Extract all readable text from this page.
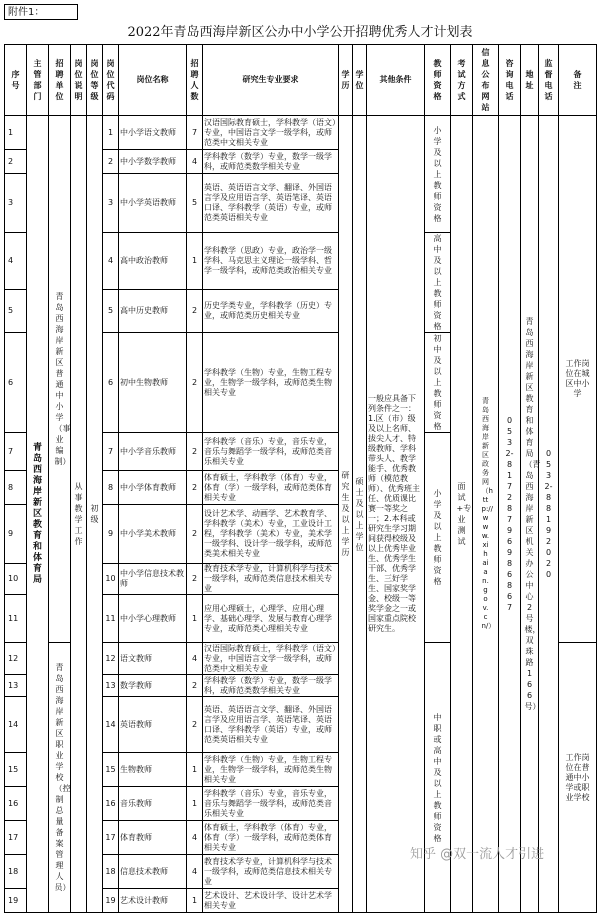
附件1：
2022年青岛西海岸新区公办中小学公开招聘优秀人才计划表
序号	主管部门	招聘单位	岗位说明	岗位等级	岗位代码	岗位名称	招聘人数	研究生专业要求	学历	学位	其他条件	教师资格	考试方式	信息公布网站	咨询电话	地址	监督电话	备注

1	青岛西海岸新区教育和体育局	青岛西海岸新区普通中小学（事业编制）	从事教学工作	初级	1	中小学语文教师	7	汉语国际教育硕士，学科教学（语文）专业，中国语言文学一级学科，或师范类中文相关专业	研究生及以上学历	硕士及以上学位	一般应具备下列条件之一：1.区（市）级及以上名师、拔尖人才、特级教师、学科带头人、教学能手、优秀教师（模范教师）、优秀班主任、优质课比赛一等奖之一；2.本科或研究生学习期间获得校级及以上优秀毕业生、优秀学生干部、优秀学生、三好学生、国家奖学金、校级一等奖学金之一或国家重点院校研究生。	小学及以上教师资格	面试+专业测试	青岛西海岸新区政务网（http://www.xihaian.gov.cn/）	0532-81728796986867	青岛西海岸新区教育和体育局（青岛西海岸新区机关办公中心2号楼，双珠路166号）	0532-88192020	工作岗位在城区中小学

2					2	中小学数学教师	4	学科教学（数学）专业，数学一级学科，或师范类数学相关专业										
3					3	中小学英语教师	5	英语、英语语言文学、翻译、外国语言学及应用语言学、英语笔译、英语口译、学科教学（英语）专业，或师范类英语相关专业										
4					4	高中政治教师	1	学科教学（思政）专业，政治学一级学科、马克思主义理论一级学科、哲学一级学科，或师范类政治相关专业				高中及以上教师资格						

5					5	高中历史教师	2	历史学类专业，学科教学（历史）专业，或师范类历史相关专业										
6					6	初中生物教师	2	学科教学（生物）专业，生物工程专业，生物学一级学科，或师范类生物相关专业				初中及以上教师资格						

7					7	中小学音乐教师	2	学科教学（音乐）专业，音乐专业，音乐与舞蹈学一级学科，或师范类音乐相关专业				小学及以上教师资格						

8					8	中小学体育教师	2	体育硕士，学科教学（体育）专业，体育（学）一级学科，或师范类体育相关专业										
9					9	中小学美术教师	2	设计艺术学、动画学、艺术教育学、学科教学（美术）专业，工业设计工程，学科教学（美术）专业，美术学一级学科、设计学一级学科，或师范类美术相关专业										
10					10	中小学信息技术教师	2	教育技术学专业，计算机科学与技术一级学科，或师范类信息技术相关专业										
11					11	中小学心理教师	1	应用心理硕士，心理学、应用心理学、基础心理学、发展与教育心理学专业，或师范类心理相关专业										
12		青岛西海岸新区职业学校（控制总量备案管理人员）			12	语文教师	4	汉语国际教育硕士，学科教学（语文）专业，中国语言文学一级学科，或师范类中文相关专业				中职或高中及以上教师资格						工作岗位在普通中小学或职业学校

13					13	数学教师	2	学科教学（数学）专业，数学一级学科，或师范类数学相关专业										
14					14	英语教师	2	英语、英语语言文学、翻译、外国语言学及应用语言学、英语笔译、英语口译、学科教学（英语）专业，或师范类英语相关专业										
15					15	生物教师	1	学科教学（生物）专业，生物工程专业，生物学一级学科，或师范类生物相关专业										
16					16	音乐教师	1	学科教学（音乐）专业，音乐专业，音乐与舞蹈学一级学科，或师范类音乐相关专业										
17					17	体育教师	4	体育硕士，学科教学（体育）专业，体育（学）一级学科，或师范类体育相关专业										
18					18	信息技术教师	4	教育技术学专业，计算机科学与技术一级学科，或师范类信息技术相关专业										
19					19	艺术设计教师	1	艺术设计、艺术设计学、设计艺术学相关专业										
知乎 @双一流人才引进
